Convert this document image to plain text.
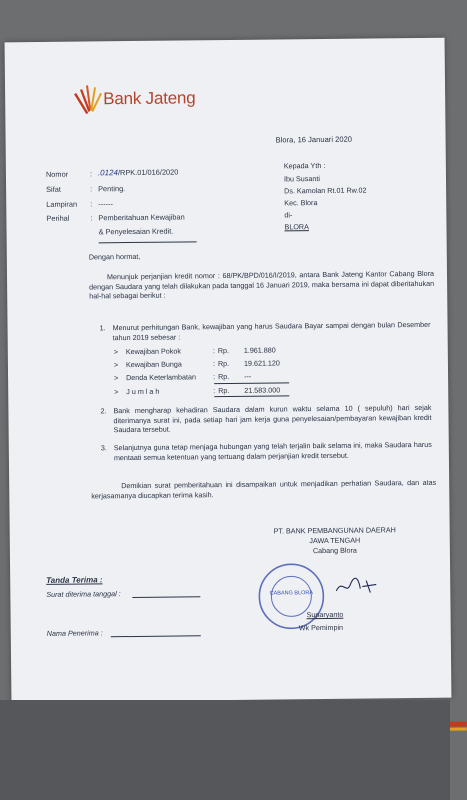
Bank Jateng
Blora, 16 Januari 2020
Nomor	: .0124/RPK.01/016/2020
Sifat	: Penting.
Lampiran : ------
Perihal	: Pemberitahuan Kewajiban
& Penyelesaian Kredit.
Kepada Yth :
Ibu Susanti
Ds. Kamolan Rt.01 Rw.02
Kec. Blora
di-
BLORA
Dengan hormat,
Menunjuk perjanjian kredit nomor : 68/PK/BPD/016/I/2019, antara Bank Jateng Kantor Cabang Blora dengan Saudara yang telah dilakukan pada tanggal 16 Januari 2019, maka bersama ini dapat diberitahukan hal-hal sebagai berikut :
1. Menurut perhitungan Bank, kewajiban yang harus Saudara Bayar sampai dengan bulan Desember tahun 2019 sebesar :
> Kewajiban Pokok	: Rp. 1.961.880
> Kewajiban Bunga	: Rp. 19.621.120
> Denda Keterlambatan : Rp. ---
> J u m l a h	: Rp. 21.583.000
2. Bank mengharap kehadiran Saudara dalam kurun waktu selama 10 ( sepuluh) hari sejak diterimanya surat ini, pada setiap hari jam kerja guna penyelesaian/pembayaran kewajiban kredit Saudara tersebut.
3. Selanjutnya guna tetap menjaga hubungan yang telah terjalin baik selama ini, maka Saudara harus mentaati semua ketentuan yang tertuang dalam perjanjian kredit tersebut.
Demikian surat pemberitahuan ini disampaikan untuk menjadikan perhatian Saudara, dan atas kerjasamanya diucapkan terima kasih.
PT. BANK PEMBANGUNAN DAERAH
JAWA TENGAH
Cabang Blora
CABANG BLORA
Suparyanto
Wk Pemimpin
Tanda Terima :
Surat diterima tanggal :
Nama Penerima :
